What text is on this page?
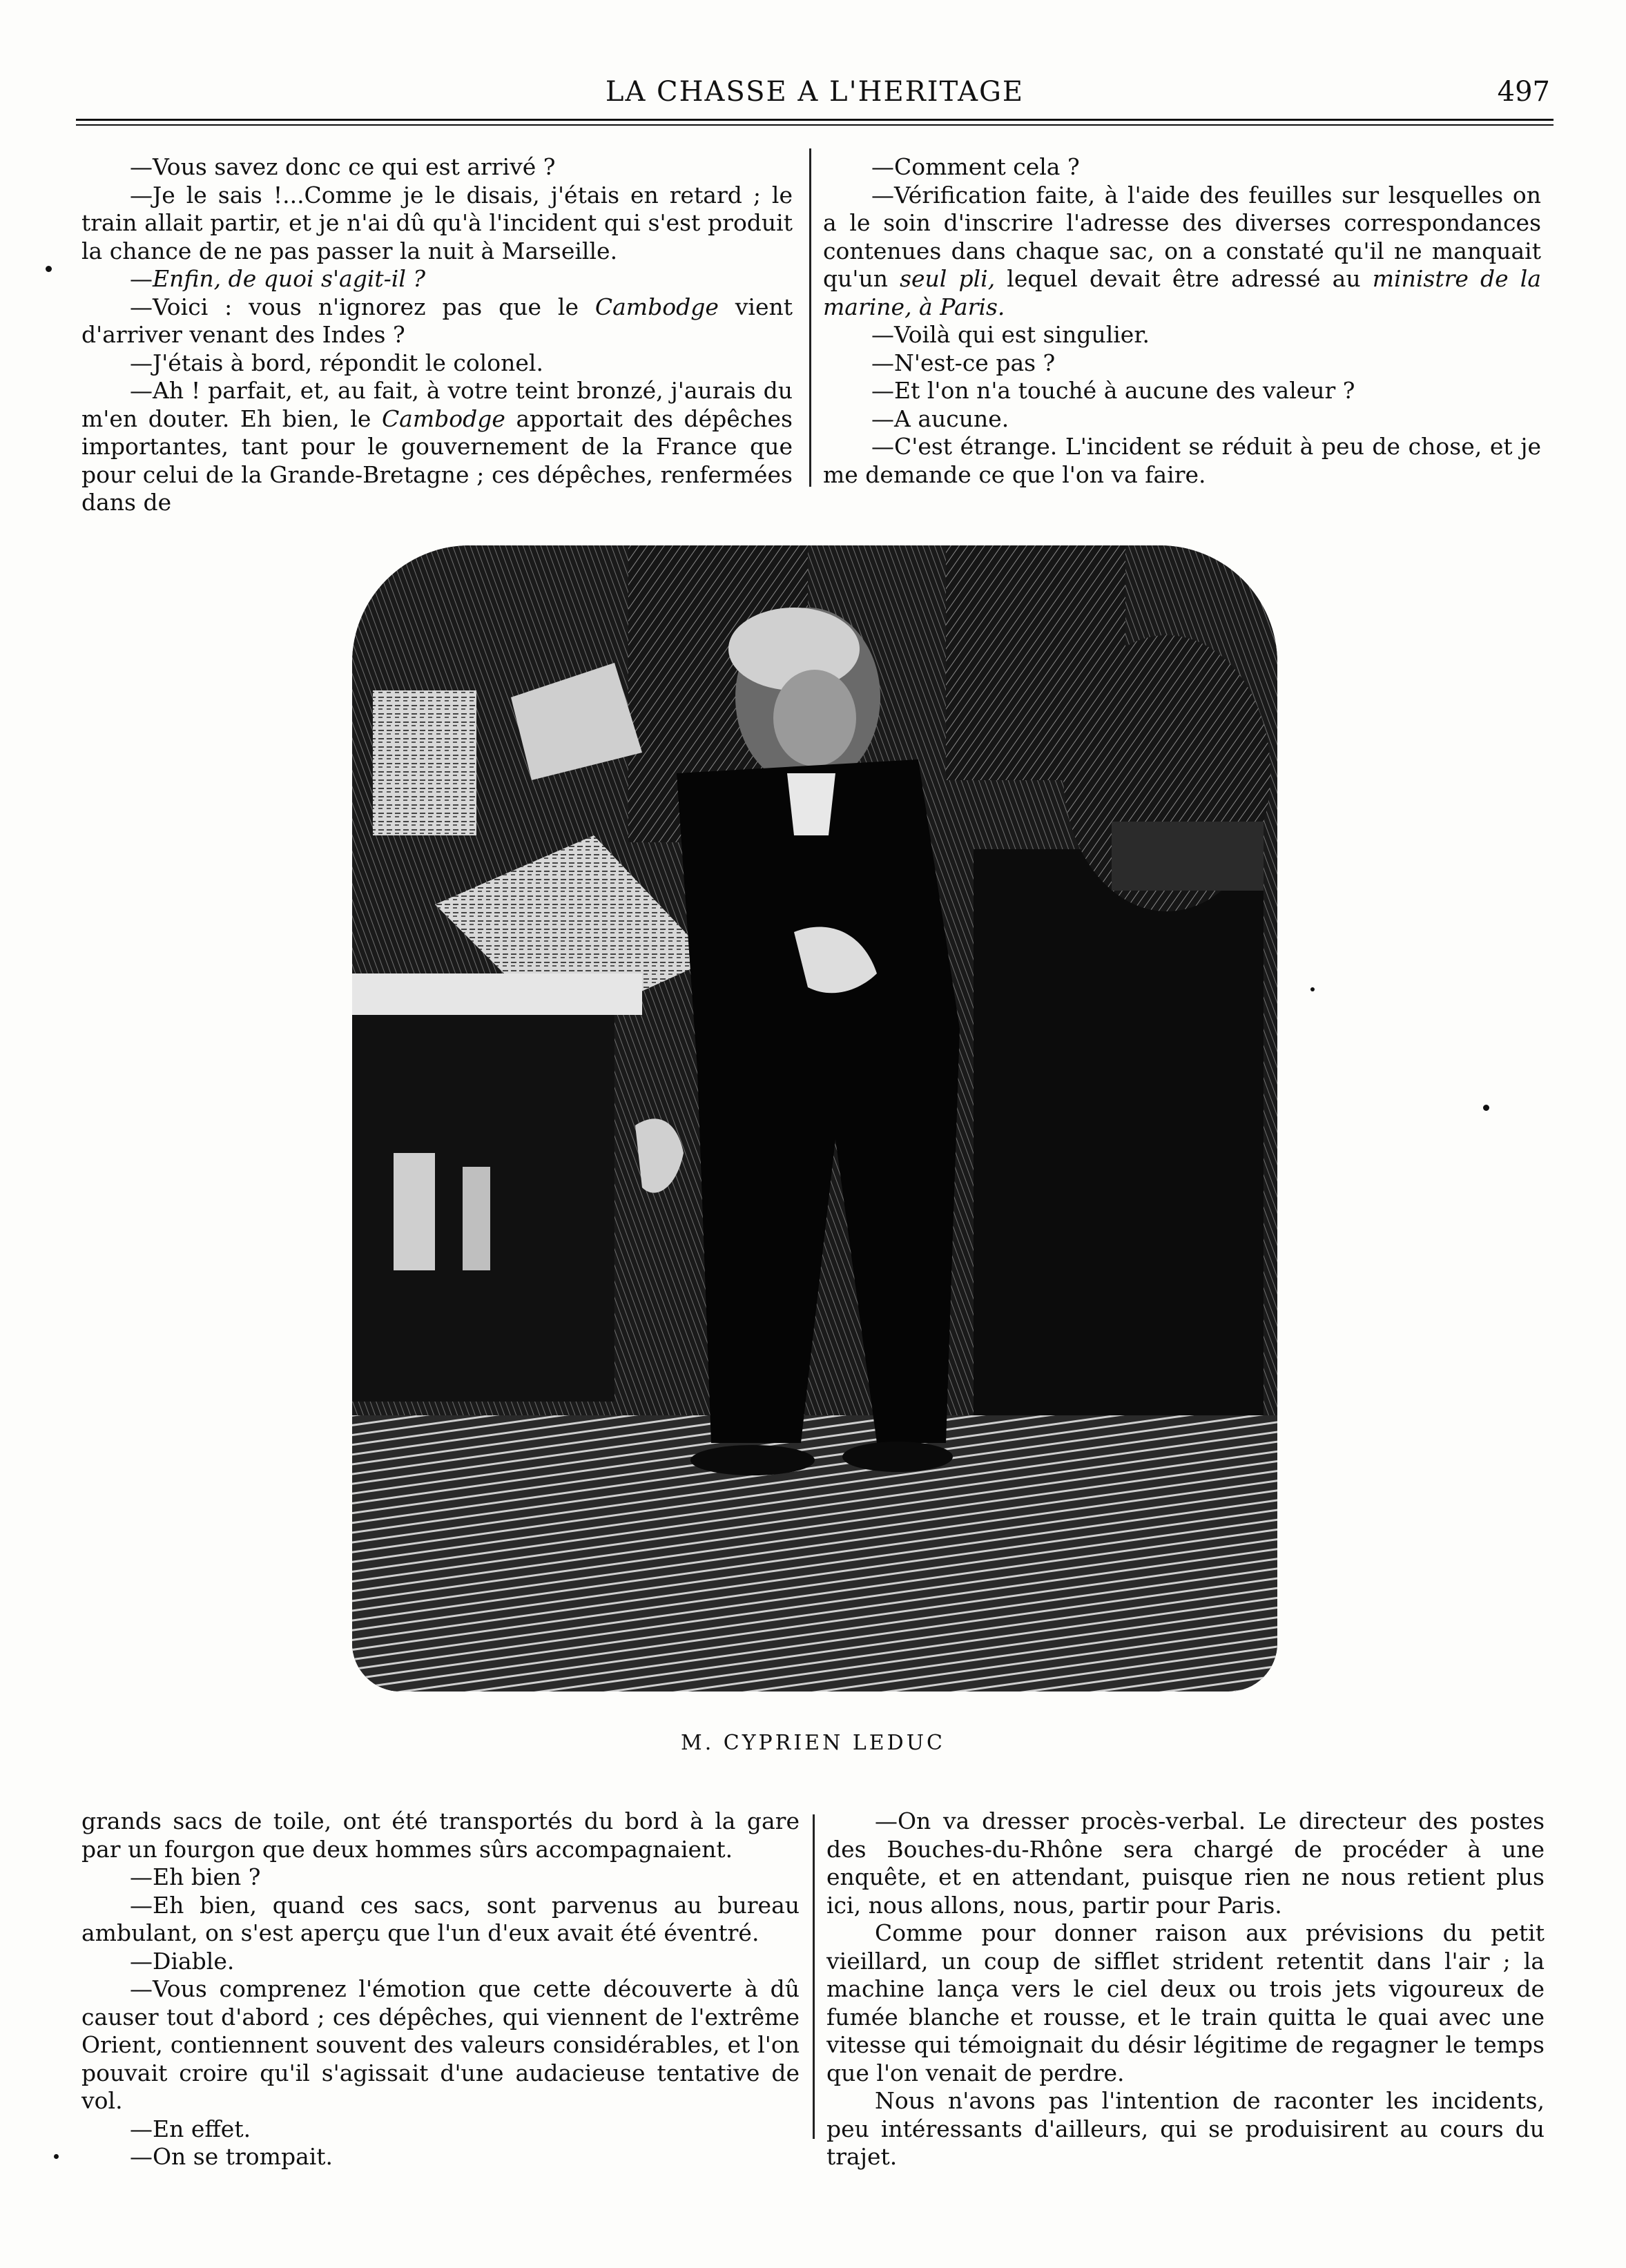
LA CHASSE A L'HERITAGE	497

—Vous savez donc ce qui est arrivé ?

—Je le sais !...Comme je le disais, j'étais en retard ; le train allait partir, et je n'ai dû qu'à l'incident qui s'est produit la chance de ne pas passer la nuit à Marseille.

—Enfin, de quoi s'agit-il ?

—Voici : vous n'ignorez pas que le Cambodge vient d'arriver venant des Indes ?

—J'étais à bord, répondit le colonel.

—Ah ! parfait, et, au fait, à votre teint bronzé, j'aurais du m'en douter. Eh bien, le Cambodge apportait des dépêches importantes, tant pour le gouvernement de la France que pour celui de la Grande-Bretagne ; ces dépêches, renfermées dans de

—Comment cela ?

—Vérification faite, à l'aide des feuilles sur lesquelles on a le soin d'inscrire l'adresse des diverses correspondances contenues dans chaque sac, on a constaté qu'il ne manquait qu'un seul pli, lequel devait être adressé au ministre de la marine, à Paris.

—Voilà qui est singulier.

—N'est-ce pas ?

—Et l'on n'a touché à aucune des valeur ?

—A aucune.

—C'est étrange. L'incident se réduit à peu de chose, et je me demande ce que l'on va faire.

M. CYPRIEN LEDUC

grands sacs de toile, ont été transportés du bord à la gare par un fourgon que deux hommes sûrs accompagnaient.

—Eh bien ?

—Eh bien, quand ces sacs, sont parvenus au bureau ambulant, on s'est aperçu que l'un d'eux avait été éventré.

—Diable.

—Vous comprenez l'émotion que cette découverte à dû causer tout d'abord ; ces dépêches, qui viennent de l'extrême Orient, contiennent souvent des valeurs considérables, et l'on pouvait croire qu'il s'agissait d'une audacieuse tentative de vol.

—En effet.

—On se trompait.

—On va dresser procès-verbal. Le directeur des postes des Bouches-du-Rhône sera chargé de procéder à une enquête, et en attendant, puisque rien ne nous retient plus ici, nous allons, nous, partir pour Paris.

Comme pour donner raison aux prévisions du petit vieillard, un coup de sifflet strident retentit dans l'air ; la machine lança vers le ciel deux ou trois jets vigoureux de fumée blanche et rousse, et le train quitta le quai avec une vitesse qui témoignait du désir légitime de regagner le temps que l'on venait de perdre.

Nous n'avons pas l'intention de raconter les incidents, peu intéressants d'ailleurs, qui se produisirent au cours du trajet.
